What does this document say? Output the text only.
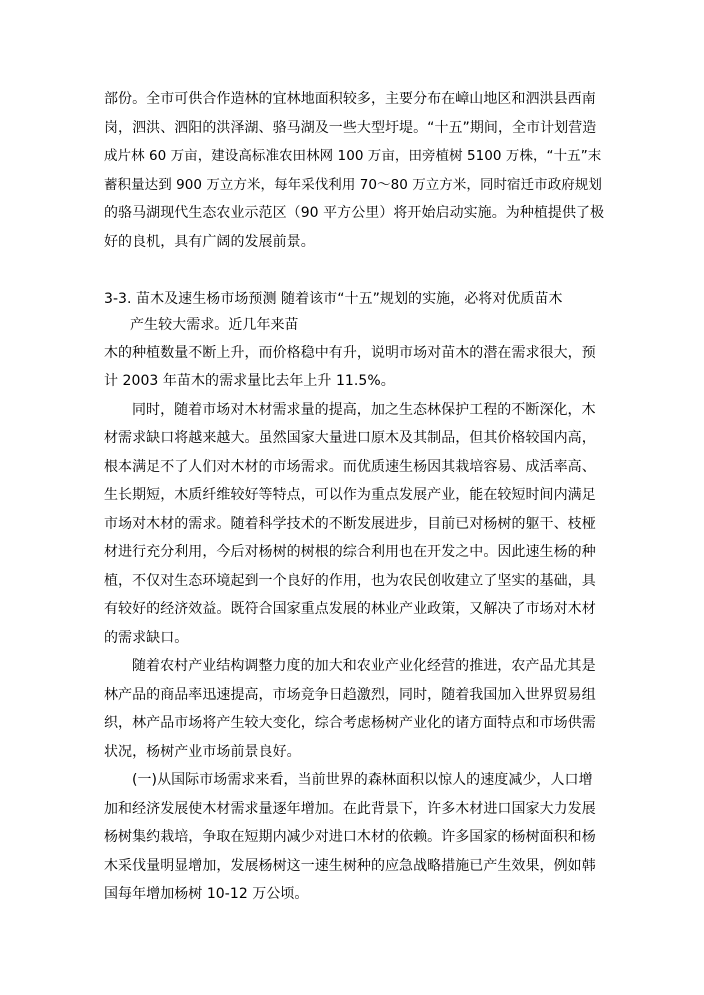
部份。全市可供合作造林的宜林地面积较多，主要分布在嶂山地区和泗洪县西南
岗，泗洪、泗阳的洪泽湖、骆马湖及一些大型圩堤。“十五”期间，全市计划营造
成片林 60 万亩，建设高标准农田林网 100 万亩，田旁植树 5100 万株，“十五”末
蓄积量达到 900 万立方米，每年采伐利用 70～80 万立方米，同时宿迁市政府规划
的骆马湖现代生态农业示范区（90 平方公里）将开始启动实施。为种植提供了极
好的良机，具有广阔的发展前景。
3-3. 苗木及速生杨市场预测 随着该市“十五”规划的实施，必将对优质苗木
产生较大需求。近几年来苗
木的种植数量不断上升，而价格稳中有升，说明市场对苗木的潜在需求很大，预
计 2003 年苗木的需求量比去年上升 11.5%。
同时，随着市场对木材需求量的提高，加之生态林保护工程的不断深化，木
材需求缺口将越来越大。虽然国家大量进口原木及其制品，但其价格较国内高，
根本满足不了人们对木材的市场需求。而优质速生杨因其栽培容易、成活率高、
生长期短，木质纤维较好等特点，可以作为重点发展产业，能在较短时间内满足
市场对木材的需求。随着科学技术的不断发展进步，目前已对杨树的躯干、枝桠
材进行充分利用，今后对杨树的树根的综合利用也在开发之中。因此速生杨的种
植，不仅对生态环境起到一个良好的作用，也为农民创收建立了坚实的基础，具
有较好的经济效益。既符合国家重点发展的林业产业政策，又解决了市场对木材
的需求缺口。
随着农村产业结构调整力度的加大和农业产业化经营的推进，农产品尤其是
林产品的商品率迅速提高，市场竞争日趋激烈，同时，随着我国加入世界贸易组
织，林产品市场将产生较大变化，综合考虑杨树产业化的诸方面特点和市场供需
状况，杨树产业市场前景良好。
(一)从国际市场需求来看，当前世界的森林面积以惊人的速度减少，人口增
加和经济发展使木材需求量逐年增加。在此背景下，许多木材进口国家大力发展
杨树集约栽培，争取在短期内减少对进口木材的依赖。许多国家的杨树面积和杨
木采伐量明显增加，发展杨树这一速生树种的应急战略措施已产生效果，例如韩
国每年增加杨树 10-12 万公顷。
